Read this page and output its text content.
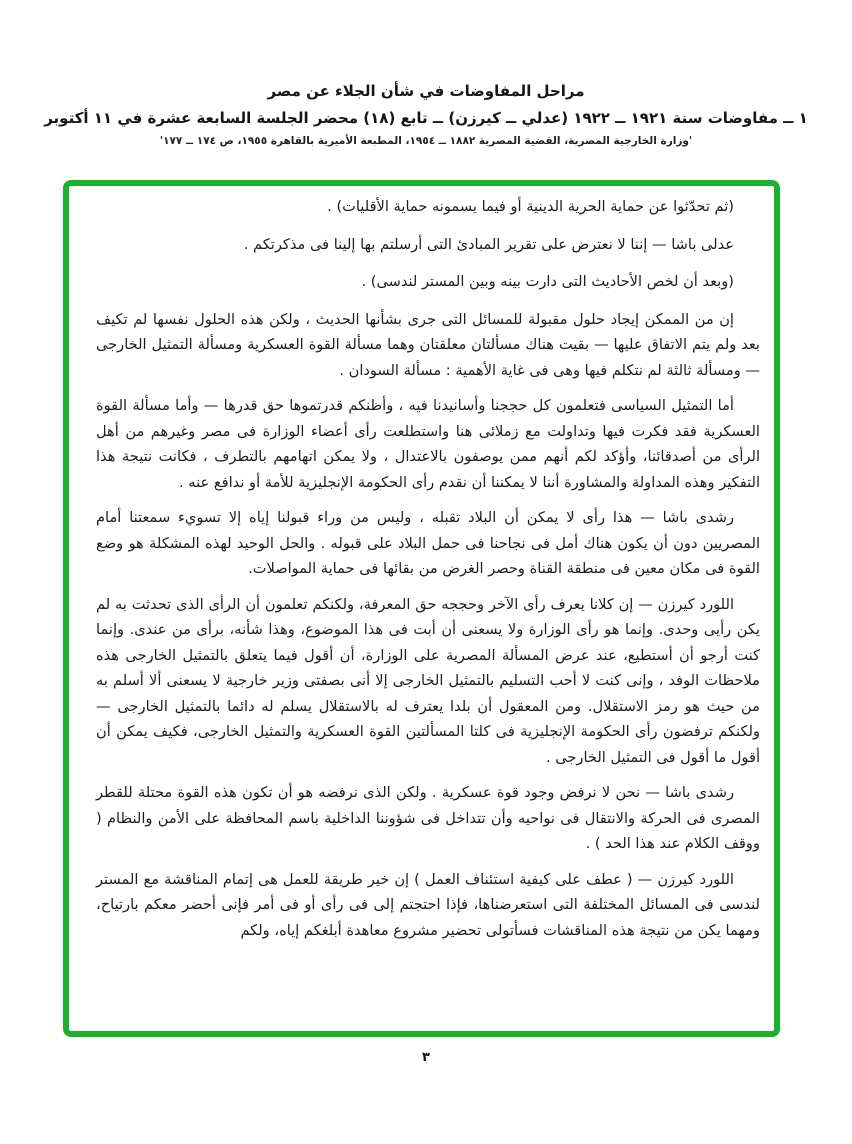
مراحل المفاوضات في شأن الجلاء عن مصر
١ ــ مفاوضات سنة ١٩٢١ ــ ١٩٢٢ (عدلي ــ كيرزن) ــ تابع (١٨) محضر الجلسة السابعة عشرة في ١١ أكتوبر
'وزارة الخارجية المصرية، القضية المصرية ١٨٨٢ ــ ١٩٥٤، المطبعة الأميرية بالقاهرة ١٩٥٥، ص ١٧٤ ــ ١٧٧'

(ثم تحدّثوا عن حماية الحرية الدينية أو فيما يسمونه حماية الأقليات) .

عدلى باشا — إننا لا نعترض على تقرير المبادئ التى أرسلتم بها إلينا فى مذكرتكم .

(وبعد أن لخص الأحاديث التى دارت بينه وبين المستر لندسى) .

إن من الممكن إيجاد حلول مقبولة للمسائل التى جرى بشأنها الحديث ، ولكن هذه الحلول نفسها لم تكيف بعد ولم يتم الاتفاق عليها — بقيت هناك مسألتان معلقتان وهما مسألة القوة العسكرية ومسألة التمثيل الخارجى — ومسألة ثالثة لم نتكلم فيها وهى فى غاية الأهمية : مسألة السودان .

أما التمثيل السياسى فتعلمون كل حججنا وأسانيدنا فيه ، وأظنكم قدرتموها حق قدرها — وأما مسألة القوة العسكرية فقد فكرت فيها وتداولت مع زملائى هنا واستطلعت رأى أعضاء الوزارة فى مصر وغيرهم من أهل الرأى من أصدقائنا، وأؤكد لكم أنهم ممن يوصفون بالاعتدال ، ولا يمكن اتهامهم بالتطرف ، فكانت نتيجة هذا التفكير وهذه المداولة والمشاورة أننا لا يمكننا أن نقدم رأى الحكومة الإنجليزية للأمة أو ندافع عنه .

رشدى باشا — هذا رأى لا يمكن أن البلاد تقبله ، وليس من وراء قبولنا إياه إلا تسويء سمعتنا أمام المصريين دون أن يكون هناك أمل فى نجاحنا فى حمل البلاد على قبوله . والحل الوحيد لهذه المشكلة هو وضع القوة فى مكان معين فى منطقة القناة وحصر الغرض من بقائها فى حماية المواصلات.

اللورد كيرزن — إن كلانا يعرف رأى الآخر وحججه حق المعرفة، ولكنكم تعلمون أن الرأى الذى تحدثت به لم يكن رأيى وحدى. وإنما هو رأى الوزارة ولا يسعنى أن أبت فى هذا الموضوع، وهذا شأنه، برأى من عندى. وإنما كنت أرجو أن أستطيع، عند عرض المسألة المصرية على الوزارة، أن أقول فيما يتعلق بالتمثيل الخارجى هذه ملاحظات الوفد ، وإنى كنت لا أحب التسليم بالتمثيل الخارجى إلا أنى بصفتى وزير خارجية لا يسعنى ألا أسلم به من حيث هو رمز الاستقلال. ومن المعقول أن بلدا يعترف له بالاستقلال يسلم له دائما بالتمثيل الخارجى — ولكنكم ترفضون رأى الحكومة الإنجليزية فى كلتا المسألتين القوة العسكرية والتمثيل الخارجى، فكيف يمكن أن أقول ما أقول فى التمثيل الخارجى .

رشدى باشا — نحن لا نرفض وجود قوة عسكرية . ولكن الذى نرفضه هو أن تكون هذه القوة محتلة للقطر المصرى فى الحركة والانتقال فى نواحيه وأن تتداخل فى شؤوننا الداخلية باسم المحافظة على الأمن والنظام ( ووقف الكلام عند هذا الحد ) .

اللورد كيرزن — ( عطف على كيفية استئناف العمل ) إن خير طريقة للعمل هى إتمام المناقشة مع المستر لندسى فى المسائل المختلفة التى استعرضناها، فإذا احتجتم إلى فى رأى أو فى أمر فإنى أحضر معكم بارتياح، ومهما يكن من نتيجة هذه المناقشات فسأتولى تحضير مشروع معاهدة أبلغكم إياه، ولكم

٣
